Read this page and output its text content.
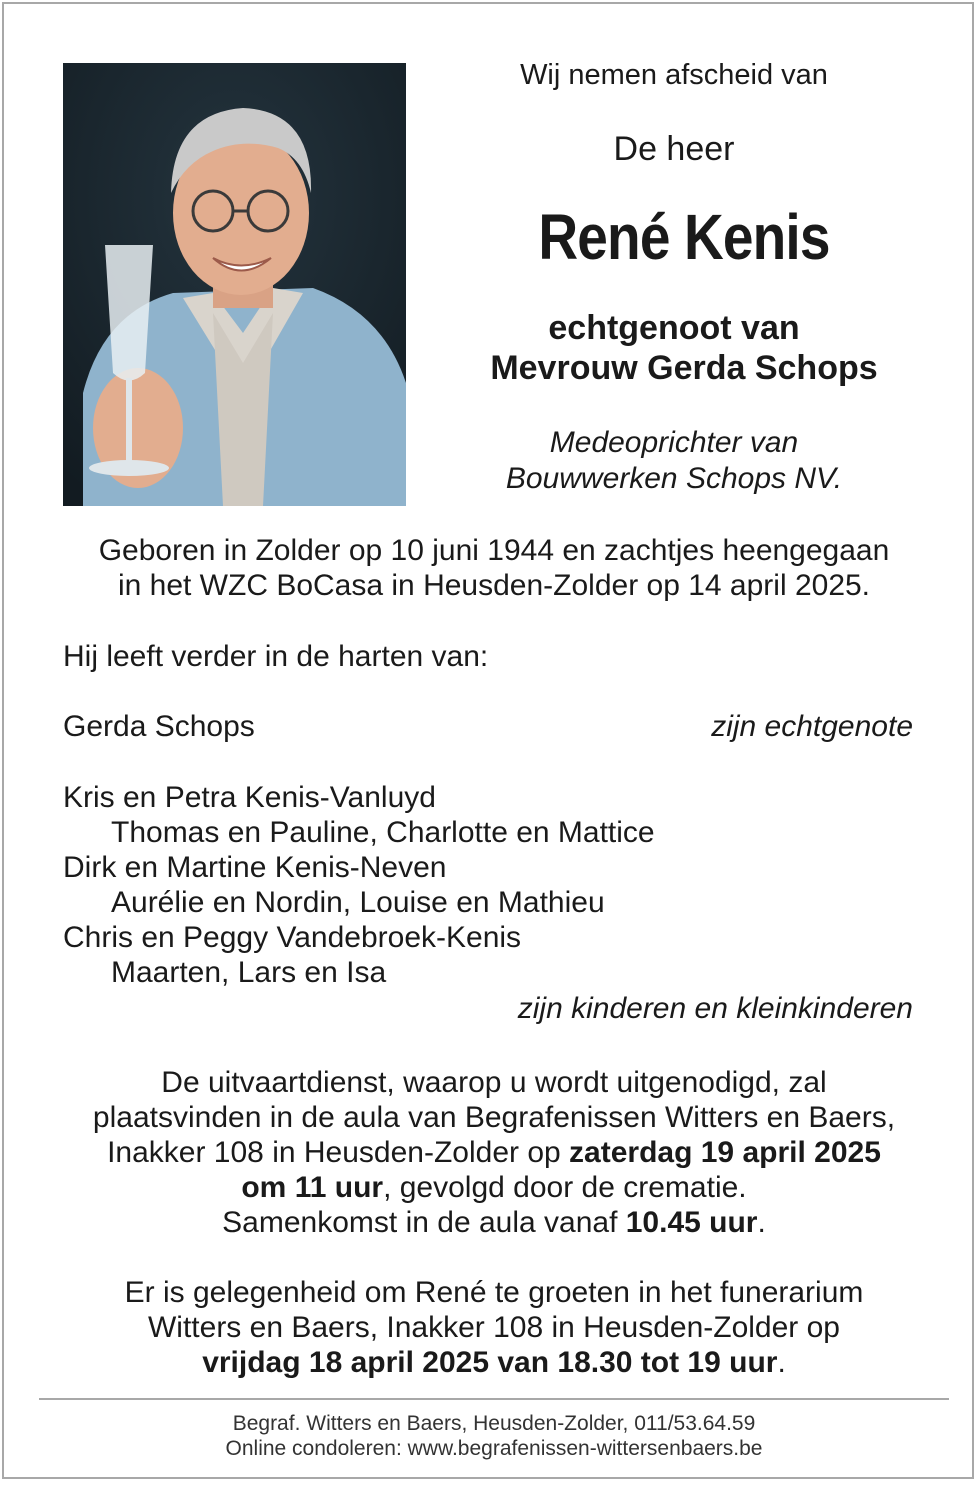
Wij nemen afscheid van
De heer
René Kenis
echtgenoot van
Mevrouw Gerda Schops
Medeoprichter van
Bouwwerken Schops NV.
Geboren in Zolder op 10 juni 1944 en zachtjes heengegaan
in het WZC BoCasa in Heusden-Zolder op 14 april 2025.
Hij leeft verder in de harten van:
Gerda Schops	zijn echtgenote
Kris en Petra Kenis-Vanluyd
Thomas en Pauline, Charlotte en Mattice
Dirk en Martine Kenis-Neven
Aurélie en Nordin, Louise en Mathieu
Chris en Peggy Vandebroek-Kenis
Maarten, Lars en Isa
zijn kinderen en kleinkinderen
De uitvaartdienst, waarop u wordt uitgenodigd, zal
plaatsvinden in de aula van Begrafenissen Witters en Baers,
Inakker 108 in Heusden-Zolder op zaterdag 19 april 2025
om 11 uur, gevolgd door de crematie.
Samenkomst in de aula vanaf 10.45 uur.
Er is gelegenheid om René te groeten in het funerarium
Witters en Baers, Inakker 108 in Heusden-Zolder op
vrijdag 18 april 2025 van 18.30 tot 19 uur.
Begraf. Witters en Baers, Heusden-Zolder, 011/53.64.59
Online condoleren: www.begrafenissen-wittersenbaers.be
